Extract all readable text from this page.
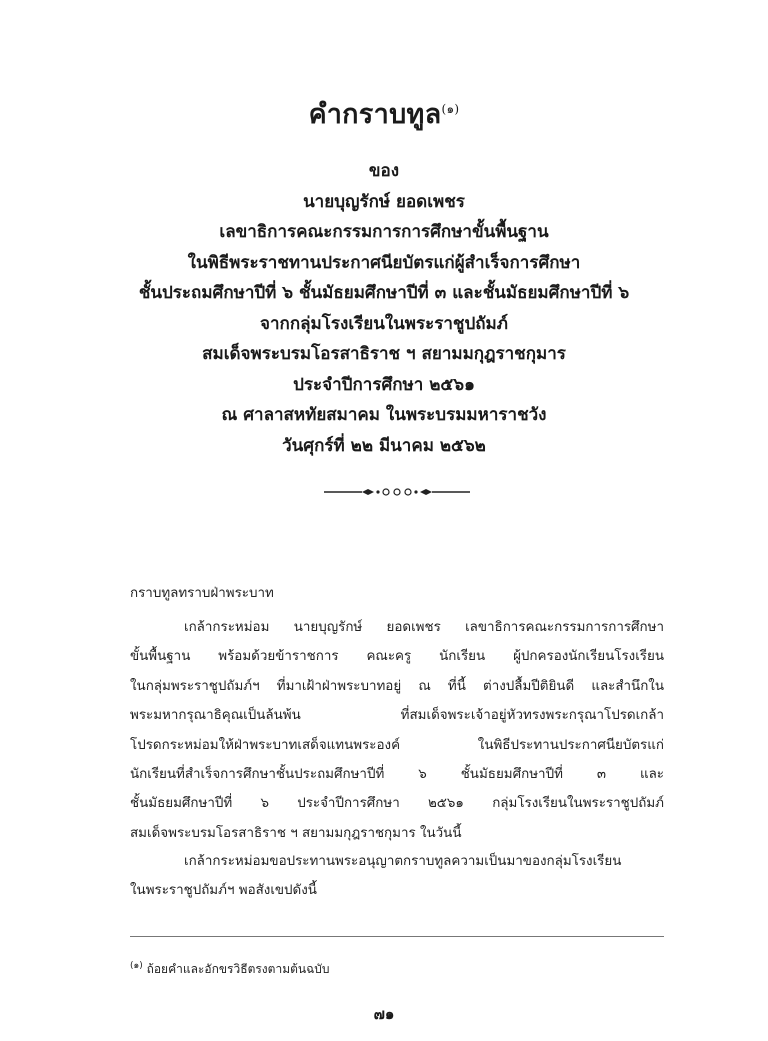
คำกราบทูล$^{(๑)}$
ของ
นายบุญรักษ์ ยอดเพชร
เลขาธิการคณะกรรมการการศึกษาขั้นพื้นฐาน
ในพิธีพระราชทานประกาศนียบัตรแก่ผู้สำเร็จการศึกษา
ชั้นประถมศึกษาปีที่ ๖ ชั้นมัธยมศึกษาปีที่ ๓ และชั้นมัธยมศึกษาปีที่ ๖
จากกลุ่มโรงเรียนในพระราชูปถัมภ์
สมเด็จพระบรมโอรสาธิราช ฯ สยามมกุฎราชกุมาร
ประจำปีการศึกษา ๒๕๖๑
ณ ศาลาสหทัยสมาคม ในพระบรมมหาราชวัง
วันศุกร์ที่ ๒๒ มีนาคม ๒๕๖๒
กราบทูลทราบฝ่าพระบาท
เกล้ากระหม่อม นายบุญรักษ์ ยอดเพชร เลขาธิการคณะกรรมการการศึกษา
ขั้นพื้นฐาน พร้อมด้วยข้าราชการ คณะครู นักเรียน ผู้ปกครองนักเรียนโรงเรียน
ในกลุ่มพระราชูปถัมภ์ฯ ที่มาเฝ้าฝ่าพระบาทอยู่ ณ ที่นี้ ต่างปลื้มปีติยินดี และสำนึกใน
พระมหากรุณาธิคุณเป็นล้นพ้น ที่สมเด็จพระเจ้าอยู่หัวทรงพระกรุณาโปรดเกล้า
โปรดกระหม่อมให้ฝ่าพระบาทเสด็จแทนพระองค์ ในพิธีประทานประกาศนียบัตรแก่
นักเรียนที่สำเร็จการศึกษาชั้นประถมศึกษาปีที่ ๖ ชั้นมัธยมศึกษาปีที่ ๓ และ
ชั้นมัธยมศึกษาปีที่ ๖ ประจำปีการศึกษา ๒๕๖๑ กลุ่มโรงเรียนในพระราชูปถัมภ์
สมเด็จพระบรมโอรสาธิราช ฯ สยามมกุฎราชกุมาร ในวันนี้
เกล้ากระหม่อมขอประทานพระอนุญาตกราบทูลความเป็นมาของกลุ่มโรงเรียน
ในพระราชูปถัมภ์ฯ พอสังเขปดังนี้
$^{(๑)}$ ถ้อยคำและอักขรวิธีตรงตามต้นฉบับ
๗๑
